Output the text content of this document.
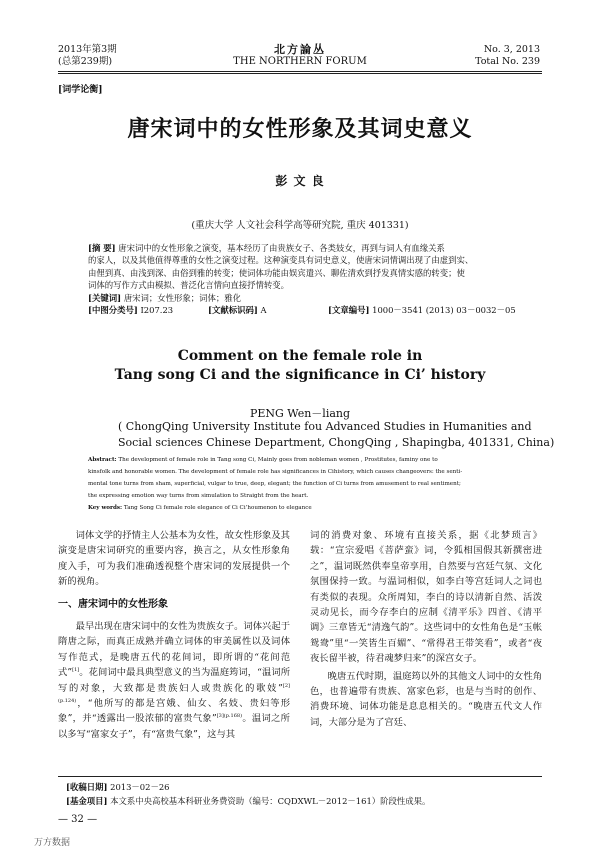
2013年第3期
(总第239期)
北方論丛
THE NORTHERN FORUM
No. 3, 2013
Total No. 239
[词学论衡]
唐宋词中的女性形象及其词史意义
彭 文 良
(重庆大学 人文社会科学高等研究院, 重庆 401331)
[摘 要] 唐宋词中的女性形象之演变，基本经历了由贵族女子、各类妓女，再到与词人有血缘关系
的家人，以及其他值得尊重的女性之演变过程。这种演变具有词史意义，使唐宋词情调出现了由虚到实、
由俚到真、由浅到深、由俗到雅的转变；使词体功能由娱宾遣兴、聊佐清欢到抒发真情实感的转变；使
词体的写作方式由模拟、普泛化言情向直接抒情转变。
[关键词] 唐宋词；女性形象；词体；雅化
[中图分类号] I207.23	[文献标识码] A	[文章编号] 1000－3541 (2013) 03－0032－05
Comment on the female role in
Tang song Ci and the significance in Ci’ history
PENG Wen－liang
( ChongQing University Institute fou Advanced Studies in Humanities and
Social sciences Chinese Department, ChongQing , Shapingba, 401331, China)
Abstract: The development of female role in Tang song Ci, Mainly goes from nobleman women , Prostitutes, faminy one to
kinsfolk and honorable women. The development of female role has significances in Cihistory, which causes changeovers: the senti-
mental tone turns from sham, superficial, vulgar to true, deep, elegant; the function of Ci turns from amusement to real sentiment;
the expressing emotion way turns from simulation to Straight from the heart.
Key words: Tang Song Ci female role elegance of Ci Ci’houmenon to elegance

词体文学的抒情主人公基本为女性，故女性形象及其演变是唐宋词研究的重要内容，换言之，从女性形象角度入手，可为我们准确透视整个唐宋词的发展提供一个新的视角。

一、唐宋词中的女性形象

最早出现在唐宋词中的女性为贵族女子。词体兴起于隋唐之际，而真正成熟并确立词体的审美属性以及词体写作范式，是晚唐五代的花间词，即所谓的“花间范式”[1]。花间词中最具典型意义的当为温庭筠词，“温词所写的对象，大致都是贵族妇人或贵族化的歌妓”$^{[2](p.124)}$，“他所写的都是宫娥、仙女、名妓、贵妇等形象”，并“透露出一股浓郁的富贵气象”$^{[3](p.168)}$。温词之所以多写“富家女子”，有“富贵气象”，这与其

词的消费对象、环境有直接关系，据《北梦琐言》载：“宣宗爱唱《菩萨蛮》词，令狐相国假其新撰密进之”，温词既然供奉皇帝享用，自然要与宫廷气氛、文化氛围保持一致。与温词相似，如李白等宫廷词人之词也有类似的表现。众所周知，李白的诗以清新自然、活泼灵动见长，而今存李白的应制《清平乐》四首、《清平调》三章皆无“清逸气韵”。这些词中的女性角色是“玉帐鸳鸯”里“一笑皆生百媚”、“常得君王带笑看”，或者“夜夜长留半被，待君魂梦归来”的深宫女子。

晚唐五代时期，温庭筠以外的其他文人词中的女性角色，也普遍带有贵族、富家色彩，也是与当时的创作、消费环境、词体功能是息息相关的。“晚唐五代文人作词，大部分是为了宫廷、

[收稿日期] 2013－02－26
[基金项目] 本文系中央高校基本科研业务费资助（编号：CQDXWL－2012－161）阶段性成果。
— 32 —
万方数据
